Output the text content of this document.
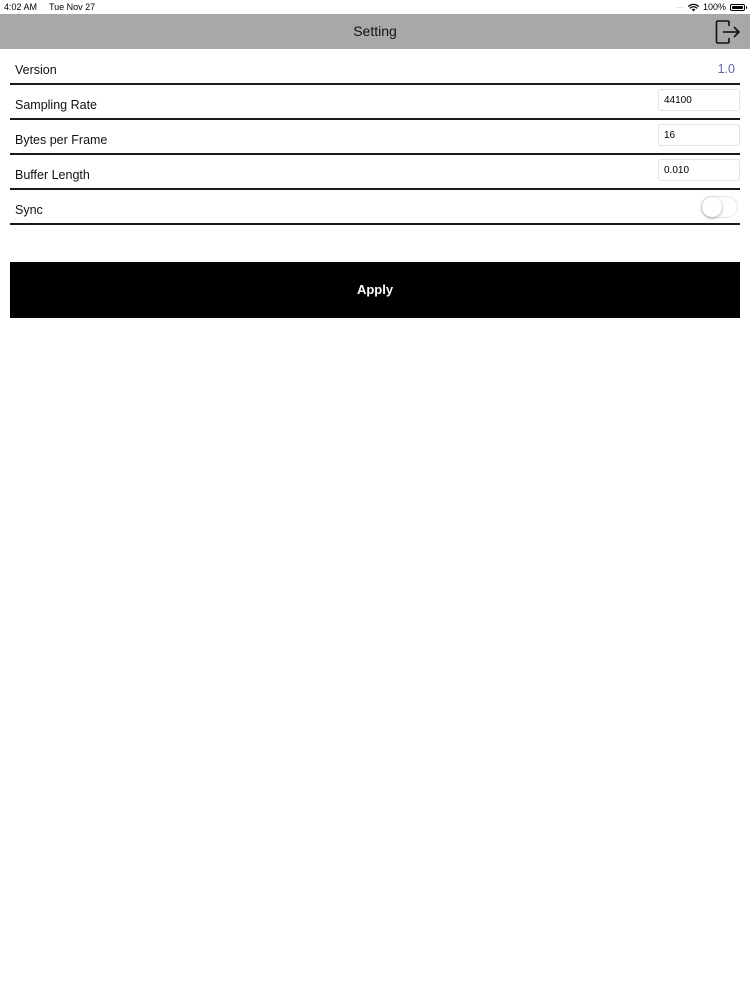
4:02 AM Tue Nov 27	.... 100%
Setting
Version	1.0
Sampling Rate
44100
Bytes per Frame
16
Buffer Length
0.010
Sync
Apply
